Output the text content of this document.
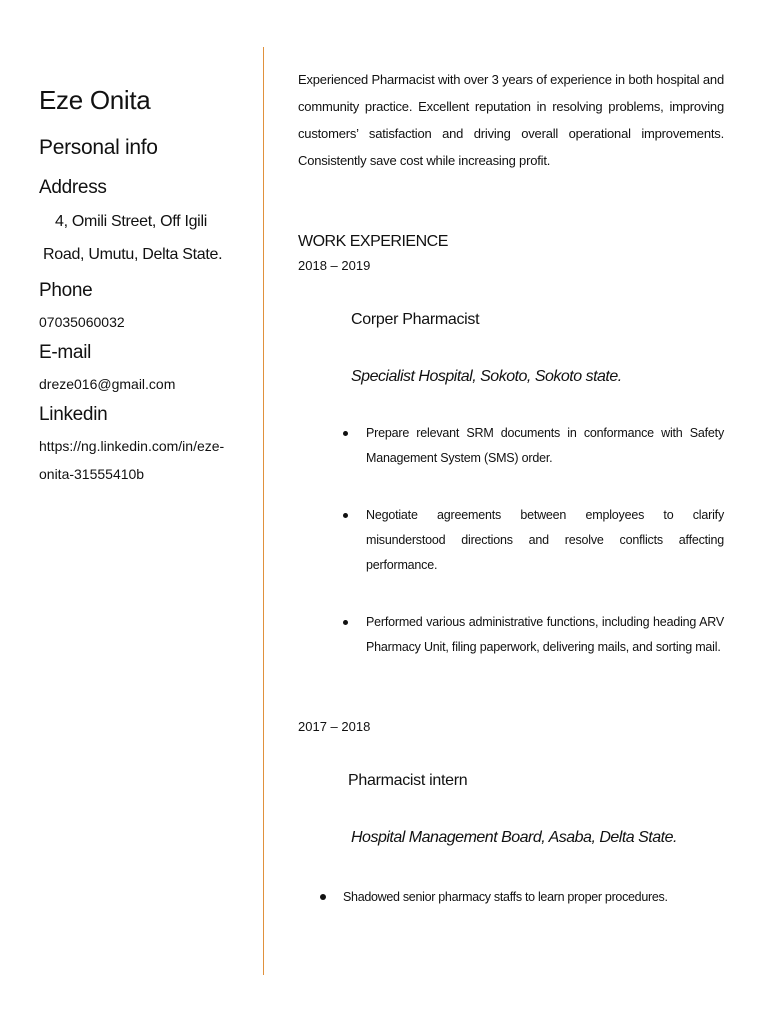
Eze Onita
Personal info
Address
4, Omili Street, Off Igili
Road, Umutu, Delta State.
Phone
07035060032
E-mail
dreze016@gmail.com
Linkedin
https://ng.linkedin.com/in/eze-onita-31555410b
Experienced Pharmacist with over 3 years of experience in both hospital and community practice. Excellent reputation in resolving problems, improving customers’ satisfaction and driving overall operational improvements. Consistently save cost while increasing profit.
WORK EXPERIENCE
2018 – 2019
Corper Pharmacist
Specialist Hospital, Sokoto, Sokoto state.
Prepare relevant SRM documents in conformance with Safety Management System (SMS) order.
Negotiate agreements between employees to clarify misunderstood directions and resolve conflicts affecting performance.
Performed various administrative functions, including heading ARV Pharmacy Unit, filing paperwork, delivering mails, and sorting mail.
2017 – 2018
Pharmacist intern
Hospital Management Board, Asaba, Delta State.
Shadowed senior pharmacy staffs to learn proper procedures.
